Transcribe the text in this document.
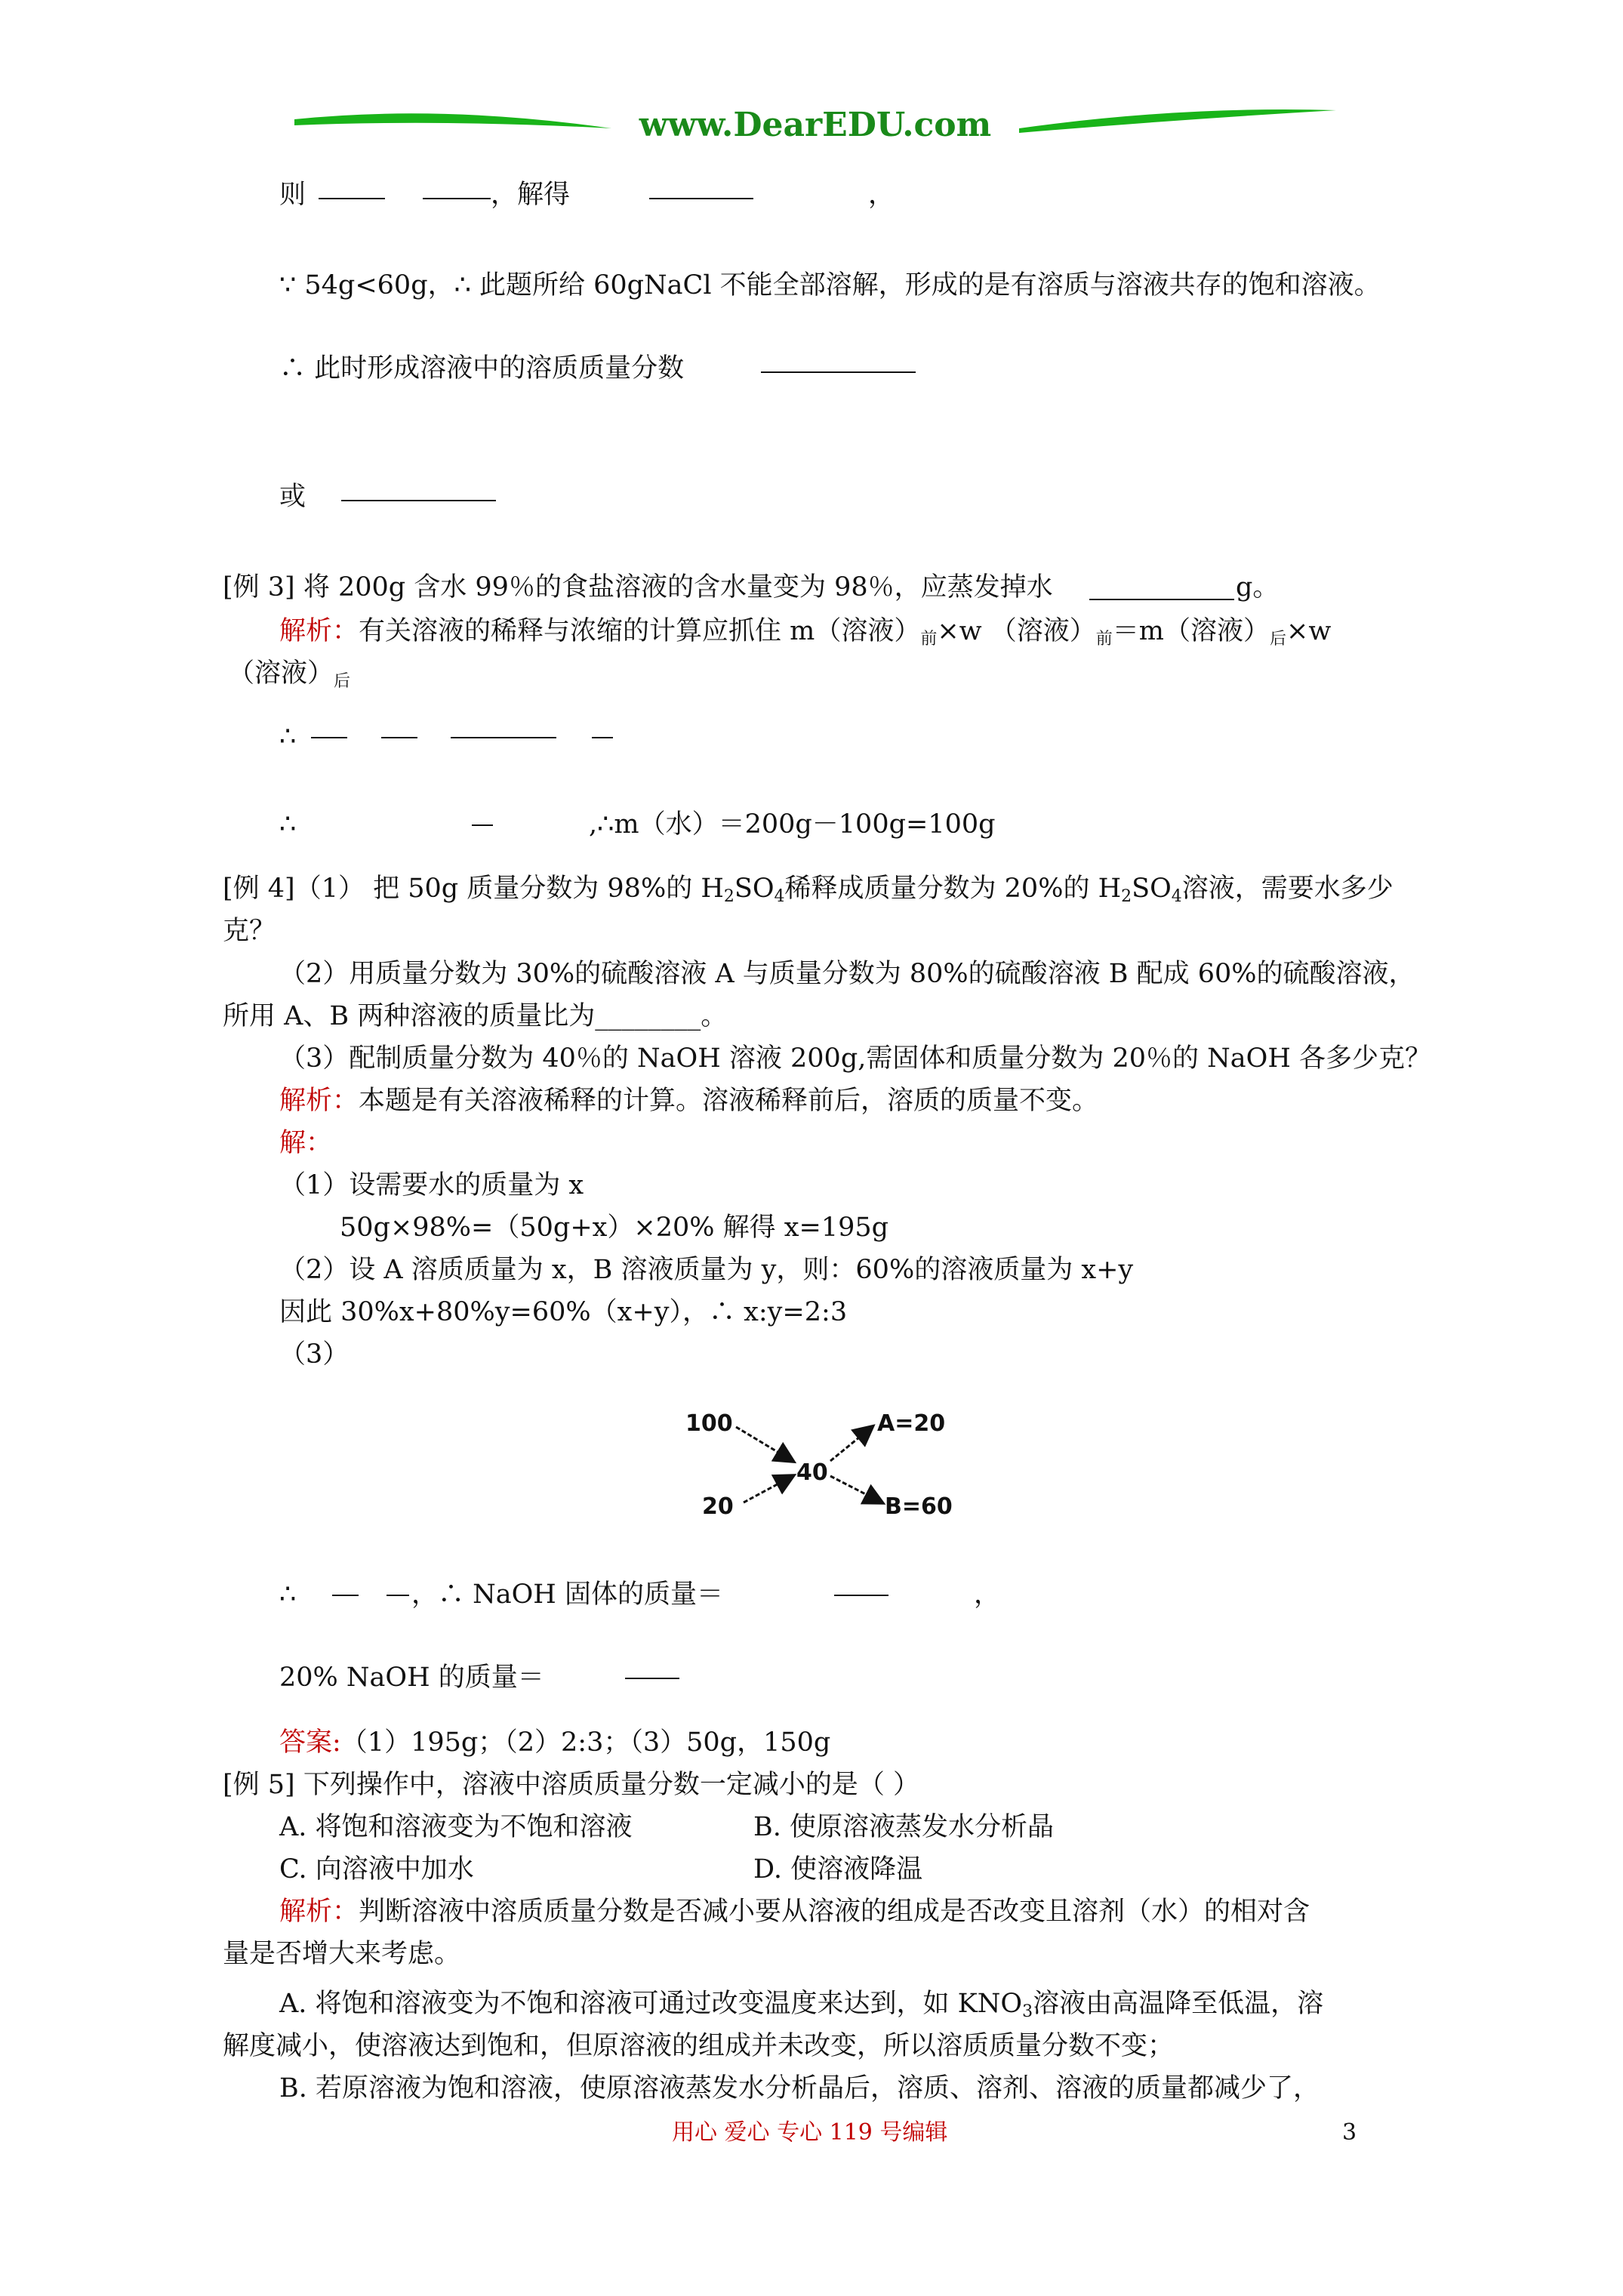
www.DearEDU.com
则	，解得	，
∵ 54g<60g，∴ 此题所给 60gNaCl 不能全部溶解，形成的是有溶质与溶液共存的饱和溶液。
∴ 此时形成溶液中的溶质质量分数
或
[例 3] 将 200g 含水 99％的食盐溶液的含水量变为 98％，应蒸发掉水	g。
解析：有关溶液的稀释与浓缩的计算应抓住 m（溶液）$_前\times w$ （溶液）$_前=m$（溶液）$_后\times w$
（溶液）$_后$
∴
∴	,∴m（水）＝200g－100g=100g
[例 4]（1） 把 50g 质量分数为 98%的 $H_2SO_4$稀释成质量分数为 20%的 $H_2SO_4$溶液，需要水多少
克？
（2）用质量分数为 30%的硫酸溶液 A 与质量分数为 80%的硫酸溶液 B 配成 60%的硫酸溶液，
所用 A、B 两种溶液的质量比为________。
（3）配制质量分数为 40％的 NaOH 溶液 200g,需固体和质量分数为 20％的 NaOH 各多少克？
解析：本题是有关溶液稀释的计算。溶液稀释前后，溶质的质量不变。
解：
（1）设需要水的质量为 x
50g×98%=（50g+x）×20% 解得 x=195g
（2）设 A 溶质质量为 x，B 溶液质量为 y，则：60%的溶液质量为 x+y
因此 30%x+80%y=60%（x+y），∴ x:y=2:3
（3）
100
20
40
A=20
B=60
∴	，∴ NaOH 固体的质量＝	，
20% NaOH 的质量＝
答案:（1）195g；（2）2:3；（3）50g，150g
[例 5] 下列操作中，溶液中溶质质量分数一定减小的是（ ）
A. 将饱和溶液变为不饱和溶液	B. 使原溶液蒸发水分析晶
C. 向溶液中加水	D. 使溶液降温
解析：判断溶液中溶质质量分数是否减小要从溶液的组成是否改变且溶剂（水）的相对含
量是否增大来考虑。
A. 将饱和溶液变为不饱和溶液可通过改变温度来达到，如 $KNO_3$溶液由高温降至低温，溶
解度减小，使溶液达到饱和，但原溶液的组成并未改变，所以溶质质量分数不变；
B. 若原溶液为饱和溶液，使原溶液蒸发水分析晶后，溶质、溶剂、溶液的质量都减少了，
用心 爱心 专心 119 号编辑	3
